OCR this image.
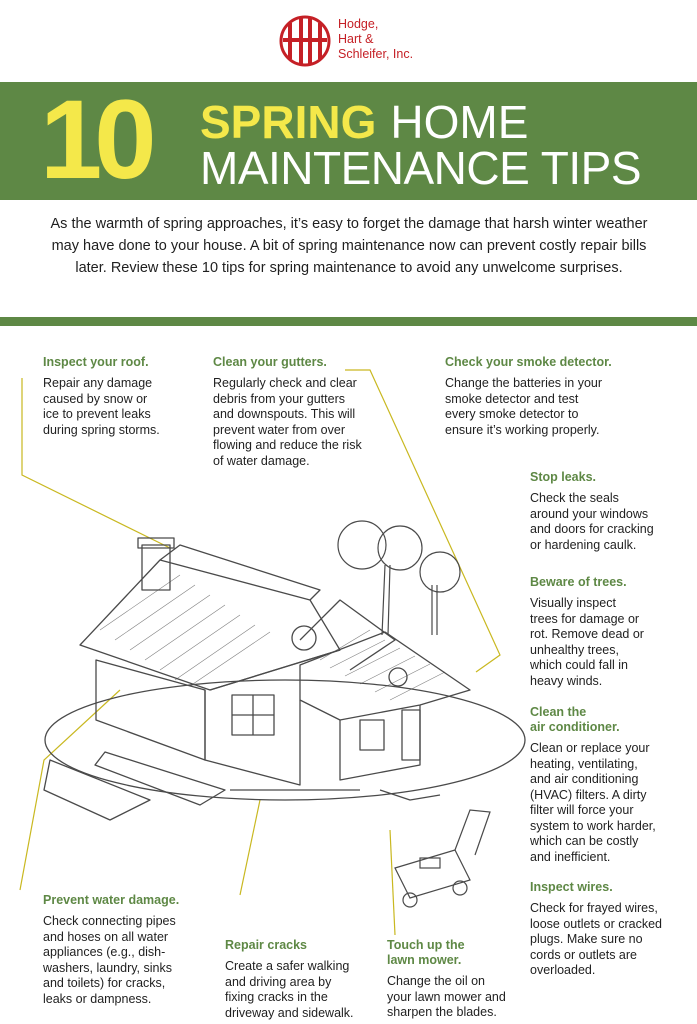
Hodge,
Hart &
Schleifer, Inc.
10 SPRING HOME
MAINTENANCE TIPS
As the warmth of spring approaches, it’s easy to forget the damage that harsh winter weather may have done to your house. A bit of spring maintenance now can prevent costly repair bills later. Review these 10 tips for spring maintenance to avoid any unwelcome surprises.
Inspect your roof.
Repair any damage
caused by snow or
ice to prevent leaks
during spring storms.
Clean your gutters.
Regularly check and clear
debris from your gutters
and downspouts. This will
prevent water from over
flowing and reduce the risk
of water damage.
Check your smoke detector.
Change the batteries in your
smoke detector and test
every smoke detector to
ensure it’s working properly.
Stop leaks.
Check the seals
around your windows
and doors for cracking
or hardening caulk.
Beware of trees.
Visually inspect
trees for damage or
rot. Remove dead or
unhealthy trees,
which could fall in
heavy winds.
Clean the
air conditioner.
Clean or replace your
heating, ventilating,
and air conditioning
(HVAC) filters. A dirty
filter will force your
system to work harder,
which can be costly
and inefficient.
Inspect wires.
Check for frayed wires,
loose outlets or cracked
plugs. Make sure no
cords or outlets are
overloaded.
Prevent water damage.
Check connecting pipes
and hoses on all water
appliances (e.g., dish-
washers, laundry, sinks
and toilets) for cracks,
leaks or dampness.
Repair cracks
Create a safer walking
and driving area by
fixing cracks in the
driveway and sidewalk.
Touch up the
lawn mower.
Change the oil on
your lawn mower and
sharpen the blades.
